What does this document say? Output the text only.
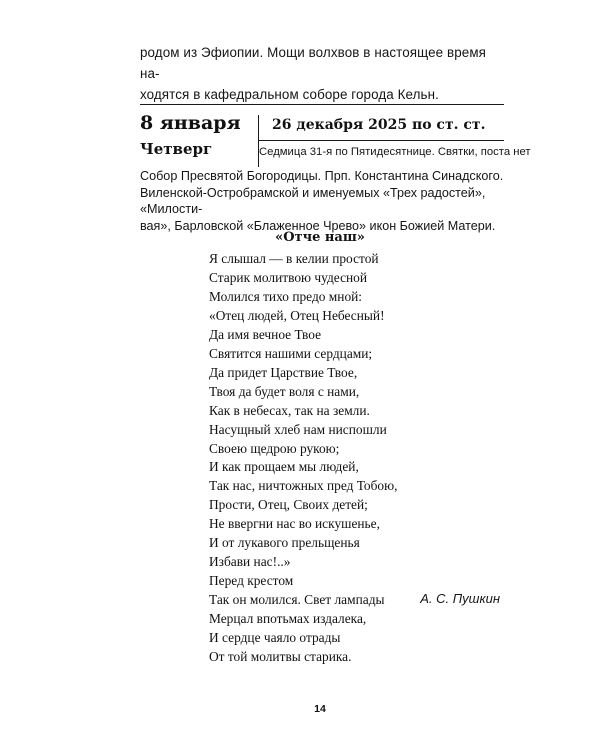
родом из Эфиопии. Мощи волхвов в настоящее время на-

ходятся в кафедральном соборе города Кельн.

8 января
Четверг
26 декабря 2025 по ст. ст.
Седмица 31-я по Пятидесятнице. Святки, поста нет

Собор Пресвятой Богородицы. Прп. Константина Синадского.

Виленской-Остробрамской и именуемых «Трех радостей», «Милости-

вая», Барловской «Блаженное Чрево» икон Божией Матери.

«Отче наш»
Я слышал — в келии простой
Старик молитвою чудесной
Молился тихо предо мной:
«Отец людей, Отец Небесный!
Да имя вечное Твое
Святится нашими сердцами;
Да придет Царствие Твое,
Твоя да будет воля с нами,
Как в небесах, так на земли.
Насущный хлеб нам ниспошли
Своею щедрою рукою;
И как прощаем мы людей,
Так нас, ничтожных пред Тобою,
Прости, Отец, Своих детей;
Не ввергни нас во искушенье,
И от лукавого прельщенья
Избави нас!..»
Перед крестом
Так он молился. Свет лампады
Мерцал впотьмах издалека,
И сердце чаяло отрады
От той молитвы старика.
А. С. Пушкин
14
